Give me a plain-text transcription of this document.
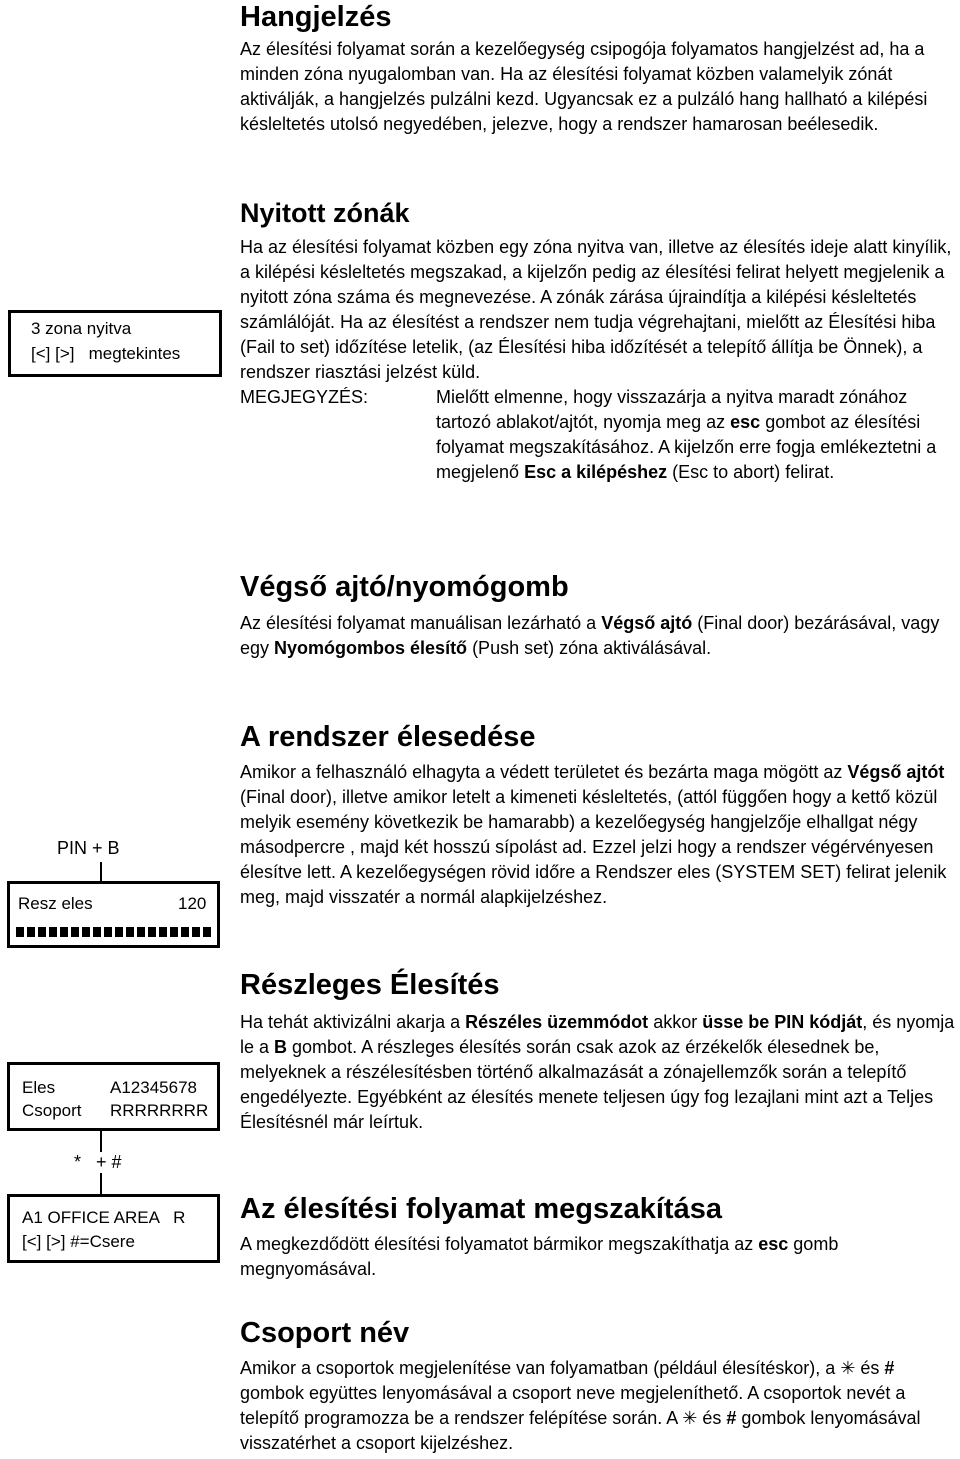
Hangjelzés

Az élesítési folyamat során a kezelőegység csipogója folyamatos hangjelzést ad, ha a minden zóna nyugalomban van. Ha az élesítési folyamat közben valamelyik zónát aktiválják, a hangjelzés pulzálni kezd. Ugyancsak ez a pulzáló hang hallható a kilépési késleltetés utolsó negyedében, jelezve, hogy a rendszer hamarosan beélesedik.

Nyitott zónák

Ha az élesítési folyamat közben egy zóna nyitva van, illetve az élesítés ideje alatt kinyílik, a kilépési késleltetés megszakad, a kijelzőn pedig az élesítési felirat helyett megjelenik a nyitott zóna száma és megnevezése. A zónák zárása újraindítja a kilépési késleltetés számlálóját. Ha az élesítést a rendszer nem tudja végrehajtani, mielőtt az Élesítési hiba (Fail to set) időzítése letelik, (az Élesítési hiba időzítését a telepítő állítja be Önnek), a rendszer riasztási jelzést küld.

MEGJEGYZÉS:	Mielőtt elmenne, hogy visszazárja a nyitva maradt zónához tartozó ablakot/ajtót, nyomja meg az esc gombot az élesítési folyamat megszakításához. A kijelzőn erre fogja emlékeztetni a megjelenő Esc a kilépéshez (Esc to abort) felirat.
Végső ajtó/nyomógomb

Az élesítési folyamat manuálisan lezárható a Végső ajtó (Final door) bezárásával, vagy egy Nyomógombos élesítő (Push set) zóna aktiválásával.

A rendszer élesedése

Amikor a felhasználó elhagyta a védett területet és bezárta maga mögött az Végső ajtót (Final door), illetve amikor letelt a kimeneti késleltetés, (attól függően hogy a kettő közül melyik esemény következik be hamarabb) a kezelőegység hangjelzője elhallgat négy másodpercre , majd két hosszú sípolást ad. Ezzel jelzi hogy a rendszer végérvényesen élesítve lett. A kezelőegységen rövid időre a Rendszer eles (SYSTEM SET) felirat jelenik meg, majd visszatér a normál alapkijelzéshez.

Részleges Élesítés

Ha tehát aktivizálni akarja a Részéles üzemmódot akkor üsse be PIN kódját, és nyomja le a B gombot. A részleges élesítés során csak azok az érzékelők élesednek be, melyeknek a részélesítésben történő alkalmazását a zónajellemzők során a telepítő engedélyezte. Egyébként az élesítés menete teljesen úgy fog lezajlani mint azt a Teljes Élesítésnél már leírtuk.

Az élesítési folyamat megszakítása

A megkezdődött élesítési folyamatot bármikor megszakíthatja az esc gomb megnyomásával.

Csoport név

Amikor a csoportok megjelenítése van folyamatban (például élesítéskor), a ✳ és # gombok együttes lenyomásával a csoport neve megjeleníthető. A csoportok nevét a telepítő programozza be a rendszer felépítése során. A ✳ és # gombok lenyomásával visszatérhet a csoport kijelzéshez.

3 zona nyitva
[<] [>]   megtekintes
PIN + B
Resz eles	120
Eles	A12345678
Csoport RRRRRRRR
*   + #
A1 OFFICE AREA   R
[<] [>] #=Csere
